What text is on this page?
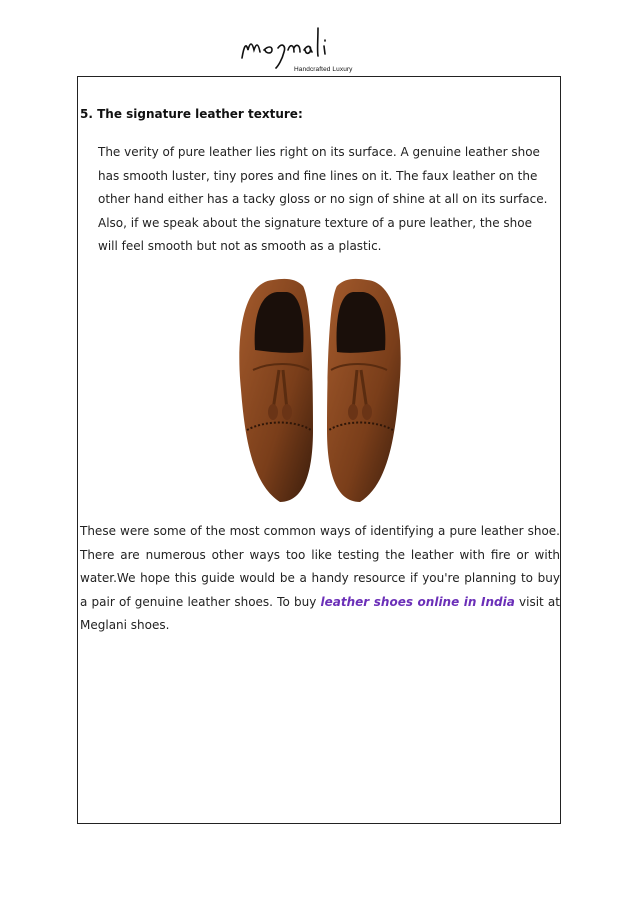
Handcrafted Luxury
5. The signature leather texture:

The verity of pure leather lies right on its surface. A genuine leather shoe has smooth luster, tiny pores and fine lines on it. The faux leather on the other hand either has a tacky gloss or no sign of shine at all on its surface.

Also, if we speak about the signature texture of a pure leather, the shoe will feel smooth but not as smooth as a plastic.

These were some of the most common ways of identifying a pure leather shoe. There are numerous other ways too like testing the leather with fire or with water.We hope this guide would be a handy resource if you're planning to buy a pair of genuine leather shoes. To buy leather shoes online in India visit at Meglani shoes.
